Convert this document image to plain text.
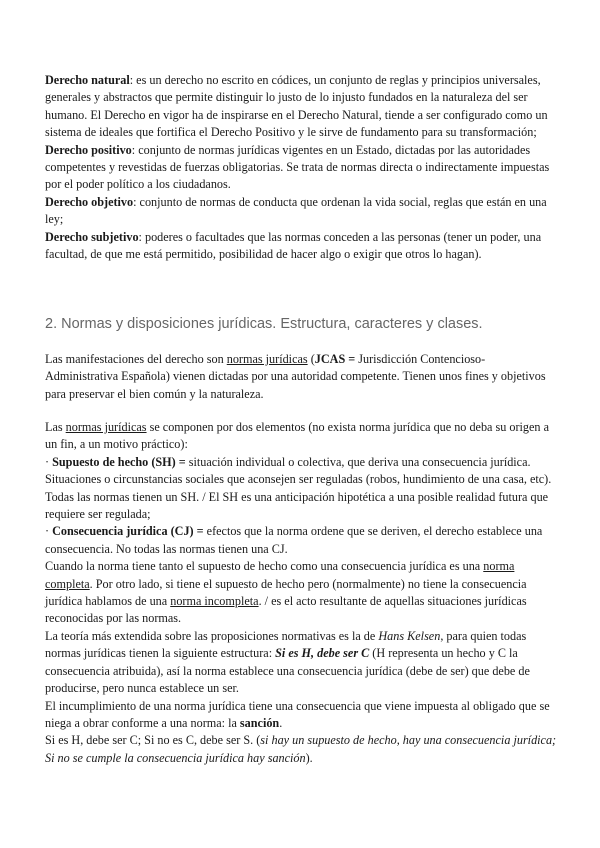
Derecho natural: es un derecho no escrito en códices, un conjunto de reglas y principios universales, generales y abstractos que permite distinguir lo justo de lo injusto fundados en la naturaleza del ser humano. El Derecho en vigor ha de inspirarse en el Derecho Natural, tiende a ser configurado como un sistema de ideales que fortifica el Derecho Positivo y le sirve de fundamento para su transformación;

Derecho positivo: conjunto de normas jurídicas vigentes en un Estado, dictadas por las autoridades competentes y revestidas de fuerzas obligatorias. Se trata de normas directa o indirectamente impuestas por el poder político a los ciudadanos.

Derecho objetivo: conjunto de normas de conducta que ordenan la vida social, reglas que están en una ley;

Derecho subjetivo: poderes o facultades que las normas conceden a las personas (tener un poder, una facultad, de que me está permitido, posibilidad de hacer algo o exigir que otros lo hagan).

2. Normas y disposiciones jurídicas. Estructura, caracteres y clases.

Las manifestaciones del derecho son normas jurídicas (JCAS = Jurisdicción Contencioso-Administrativa Española) vienen dictadas por una autoridad competente. Tienen unos fines y objetivos para preservar el bien común y la naturaleza.

Las normas jurídicas se componen por dos elementos (no exista norma jurídica que no deba su origen a un fin, a un motivo práctico):

· Supuesto de hecho (SH) = situación individual o colectiva, que deriva una consecuencia jurídica. Situaciones o circunstancias sociales que aconsejen ser reguladas (robos, hundimiento de una casa, etc). Todas las normas tienen un SH. / El SH es una anticipación hipotética a una posible realidad futura que requiere ser regulada;

· Consecuencia jurídica (CJ) = efectos que la norma ordene que se deriven, el derecho establece una consecuencia. No todas las normas tienen una CJ.

Cuando la norma tiene tanto el supuesto de hecho como una consecuencia jurídica es una norma completa. Por otro lado, si tiene el supuesto de hecho pero (normalmente) no tiene la consecuencia jurídica hablamos de una norma incompleta. / es el acto resultante de aquellas situaciones jurídicas reconocidas por las normas.

La teoría más extendida sobre las proposiciones normativas es la de Hans Kelsen, para quien todas normas jurídicas tienen la siguiente estructura: Si es H, debe ser C (H representa un hecho y C la consecuencia atribuida), así la norma establece una consecuencia jurídica (debe de ser) que debe de producirse, pero nunca establece un ser.

El incumplimiento de una norma jurídica tiene una consecuencia que viene impuesta al obligado que se niega a obrar conforme a una norma: la sanción.

Si es H, debe ser C; Si no es C, debe ser S. (si hay un supuesto de hecho, hay una consecuencia jurídica; Si no se cumple la consecuencia jurídica hay sanción).
